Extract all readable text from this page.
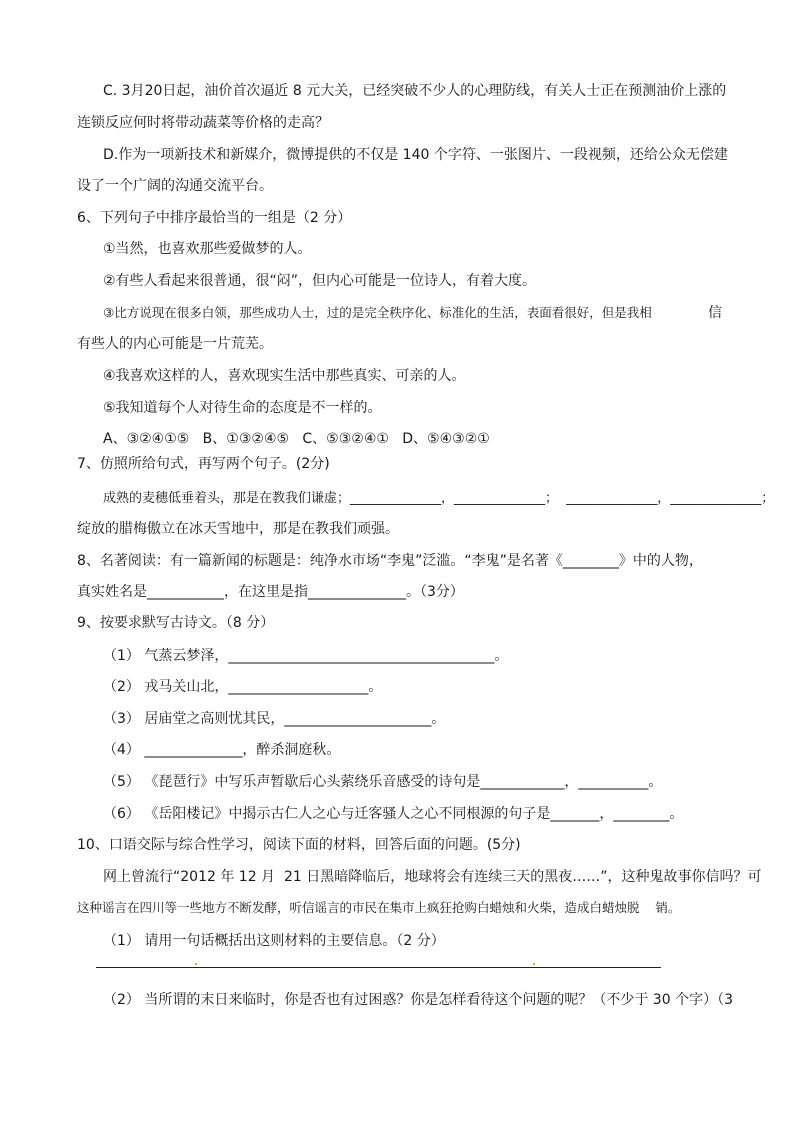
C. 3月20日起，油价首次逼近 8 元大关，已经突破不少人的心理防线，有关人士正在预测油价上涨的
连锁反应何时将带动蔬菜等价格的走高？
D.作为一项新技术和新媒介，微博提供的不仅是 140 个字符、一张图片、一段视频，还给公众无偿建
设了一个广阔的沟通交流平台。
6、下列句子中排序最恰当的一组是（2 分）
①当然，也喜欢那些爱做梦的人。
②有些人看起来很普通，很“闷”，但内心可能是一位诗人，有着大度。
③比方说现在很多白领，那些成功人士，过的是完全秩序化、标准化的生活，表面看很好，但是我相	信
有些人的内心可能是一片荒芜。
④我喜欢这样的人，喜欢现实生活中那些真实、可亲的人。
⑤我知道每个人对待生命的态度是不一样的。
A、③②④①⑤   B、①③②④⑤   C、⑤③②④①   D、⑤④③②①
7、仿照所给句式，再写两个句子。(2分)
成熟的麦穗低垂着头，那是在教我们谦虚；______________，______________；  ______________，______________；
绽放的腊梅傲立在冰天雪地中，那是在教我们顽强。
8、名著阅读：有一篇新闻的标题是：纯净水市场“李鬼”泛滥。“李鬼”是名著《________》中的人物，
真实姓名是___________，在这里是指______________。（3分）
9、按要求默写古诗文。（8 分）
（1） 气蒸云梦泽，______________________________________。
（2） 戎马关山北，____________________。
（3） 居庙堂之高则忧其民，_____________________。
（4） ______________，醉杀洞庭秋。
（5） 《琵琶行》中写乐声暂歇后心头萦绕乐音感受的诗句是____________，__________。
（6） 《岳阳楼记》中揭示古仁人之心与迁客骚人之心不同根源的句子是_______，________。
10、口语交际与综合性学习，阅读下面的材料，回答后面的问题。(5分)
网上曾流行“2012 年 12 月  21 日黑暗降临后，地球将会有连续三天的黑夜……”，这种鬼故事你信吗？可
这种谣言在四川等一些地方不断发酵，听信谣言的市民在集市上疯狂抢购白蜡烛和火柴，造成白蜡烛脱    销。
（1） 请用一句话概括出这则材料的主要信息。（2 分）
（2） 当所谓的末日来临时，你是否也有过困惑？你是怎样看待这个问题的呢？（不少于 30 个字）（3
